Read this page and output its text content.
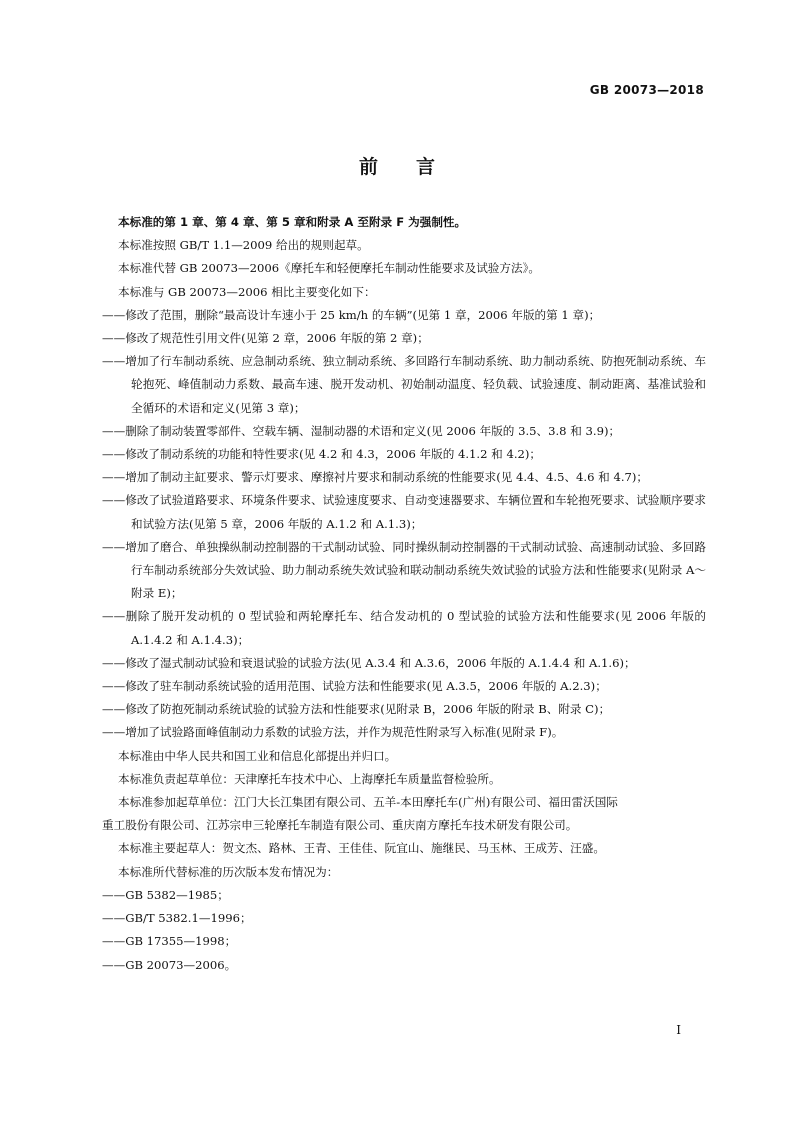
GB 20073—2018
前言

本标准的第 1 章、第 4 章、第 5 章和附录 A 至附录 F 为强制性。

本标准按照 GB/T 1.1—2009 给出的规则起草。

本标准代替 GB 20073—2006《摩托车和轻便摩托车制动性能要求及试验方法》。

本标准与 GB 20073—2006 相比主要变化如下：

——修改了范围，删除“最高设计车速小于 25 km/h 的车辆”(见第 1 章，2006 年版的第 1 章)；

——修改了规范性引用文件(见第 2 章，2006 年版的第 2 章)；

——增加了行车制动系统、应急制动系统、独立制动系统、多回路行车制动系统、助力制动系统、防抱死制动系统、车轮抱死、峰值制动力系数、最高车速、脱开发动机、初始制动温度、轻负载、试验速度、制动距离、基准试验和全循环的术语和定义(见第 3 章)；

——删除了制动装置零部件、空载车辆、湿制动器的术语和定义(见 2006 年版的 3.5、3.8 和 3.9)；

——修改了制动系统的功能和特性要求(见 4.2 和 4.3，2006 年版的 4.1.2 和 4.2)；

——增加了制动主缸要求、警示灯要求、摩擦衬片要求和制动系统的性能要求(见 4.4、4.5、4.6 和 4.7)；

——修改了试验道路要求、环境条件要求、试验速度要求、自动变速器要求、车辆位置和车轮抱死要求、试验顺序要求和试验方法(见第 5 章，2006 年版的 A.1.2 和 A.1.3)；

——增加了磨合、单独操纵制动控制器的干式制动试验、同时操纵制动控制器的干式制动试验、高速制动试验、多回路行车制动系统部分失效试验、助力制动系统失效试验和联动制动系统失效试验的试验方法和性能要求(见附录 A～附录 E)；

——删除了脱开发动机的 0 型试验和两轮摩托车、结合发动机的 0 型试验的试验方法和性能要求(见 2006 年版的 A.1.4.2 和 A.1.4.3)；

——修改了湿式制动试验和衰退试验的试验方法(见 A.3.4 和 A.3.6，2006 年版的 A.1.4.4 和 A.1.6)；

——修改了驻车制动系统试验的适用范围、试验方法和性能要求(见 A.3.5，2006 年版的 A.2.3)；

——修改了防抱死制动系统试验的试验方法和性能要求(见附录 B，2006 年版的附录 B、附录 C)；

——增加了试验路面峰值制动力系数的试验方法，并作为规范性附录写入标准(见附录 F)。

本标准由中华人民共和国工业和信息化部提出并归口。

本标准负责起草单位：天津摩托车技术中心、上海摩托车质量监督检验所。

本标准参加起草单位：江门大长江集团有限公司、五羊-本田摩托车(广州)有限公司、福田雷沃国际

重工股份有限公司、江苏宗申三轮摩托车制造有限公司、重庆南方摩托车技术研发有限公司。

本标准主要起草人：贺文杰、路林、王青、王佳佳、阮宜山、施继民、马玉林、王成芳、汪盛。

本标准所代替标准的历次版本发布情况为：

——GB 5382—1985；

——GB/T 5382.1—1996；

——GB 17355—1998；

——GB 20073—2006。

I
